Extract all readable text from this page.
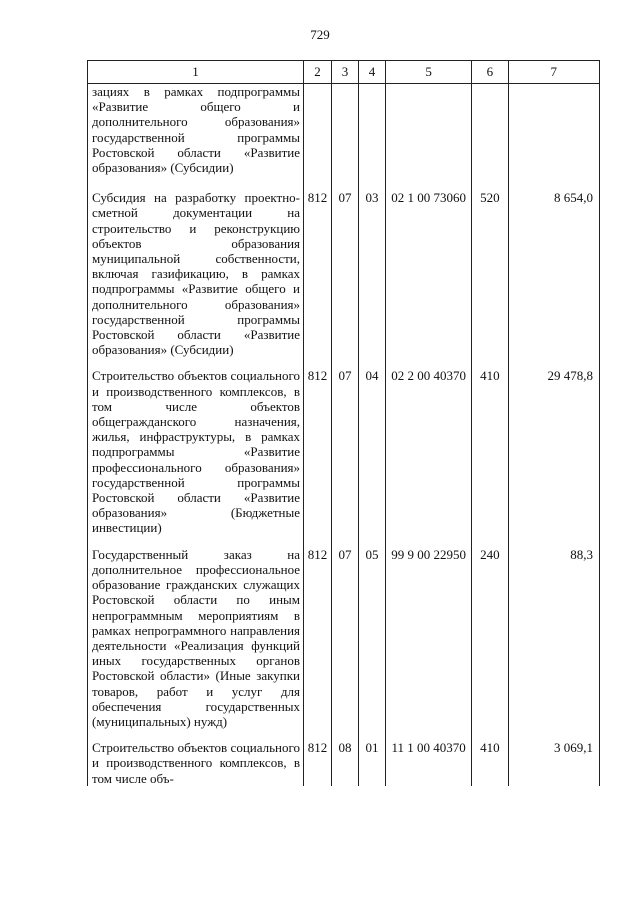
729
1	2	3	4	5	6	7
зациях в рамках подпрограммы «Развитие общего и дополнительного образования» государственной программы Ростовской области «Развитие образования» (Субсидии)						
Субсидия на разработку проектно-сметной документации на строительство и реконструкцию объектов образования муниципальной собственности, включая газификацию, в рамках подпрограммы «Развитие общего и дополнительного образования» государственной программы Ростовской области «Развитие образования» (Субсидии)	812	07	03	02 1 00 73060	520	8 654,0
Строительство объектов социального и производственного комплексов, в том числе объектов общегражданского назначения, жилья, инфраструктуры, в рамках подпрограммы «Развитие профессионального образования» государственной программы Ростовской области «Развитие образования» (Бюджетные инвестиции)	812	07	04	02 2 00 40370	410	29 478,8
Государственный заказ на дополнительное профессиональное образование гражданских служащих Ростовской области по иным непрограммным мероприятиям в рамках непрограммного направления деятельности «Реализация функций иных государственных органов Ростовской области» (Иные закупки товаров, работ и услуг для обеспечения государственных (муниципальных) нужд)	812	07	05	99 9 00 22950	240	88,3
Строительство объектов социального и производственного комплексов, в том числе объ-	812	08	01	11 1 00 40370	410	3 069,1
